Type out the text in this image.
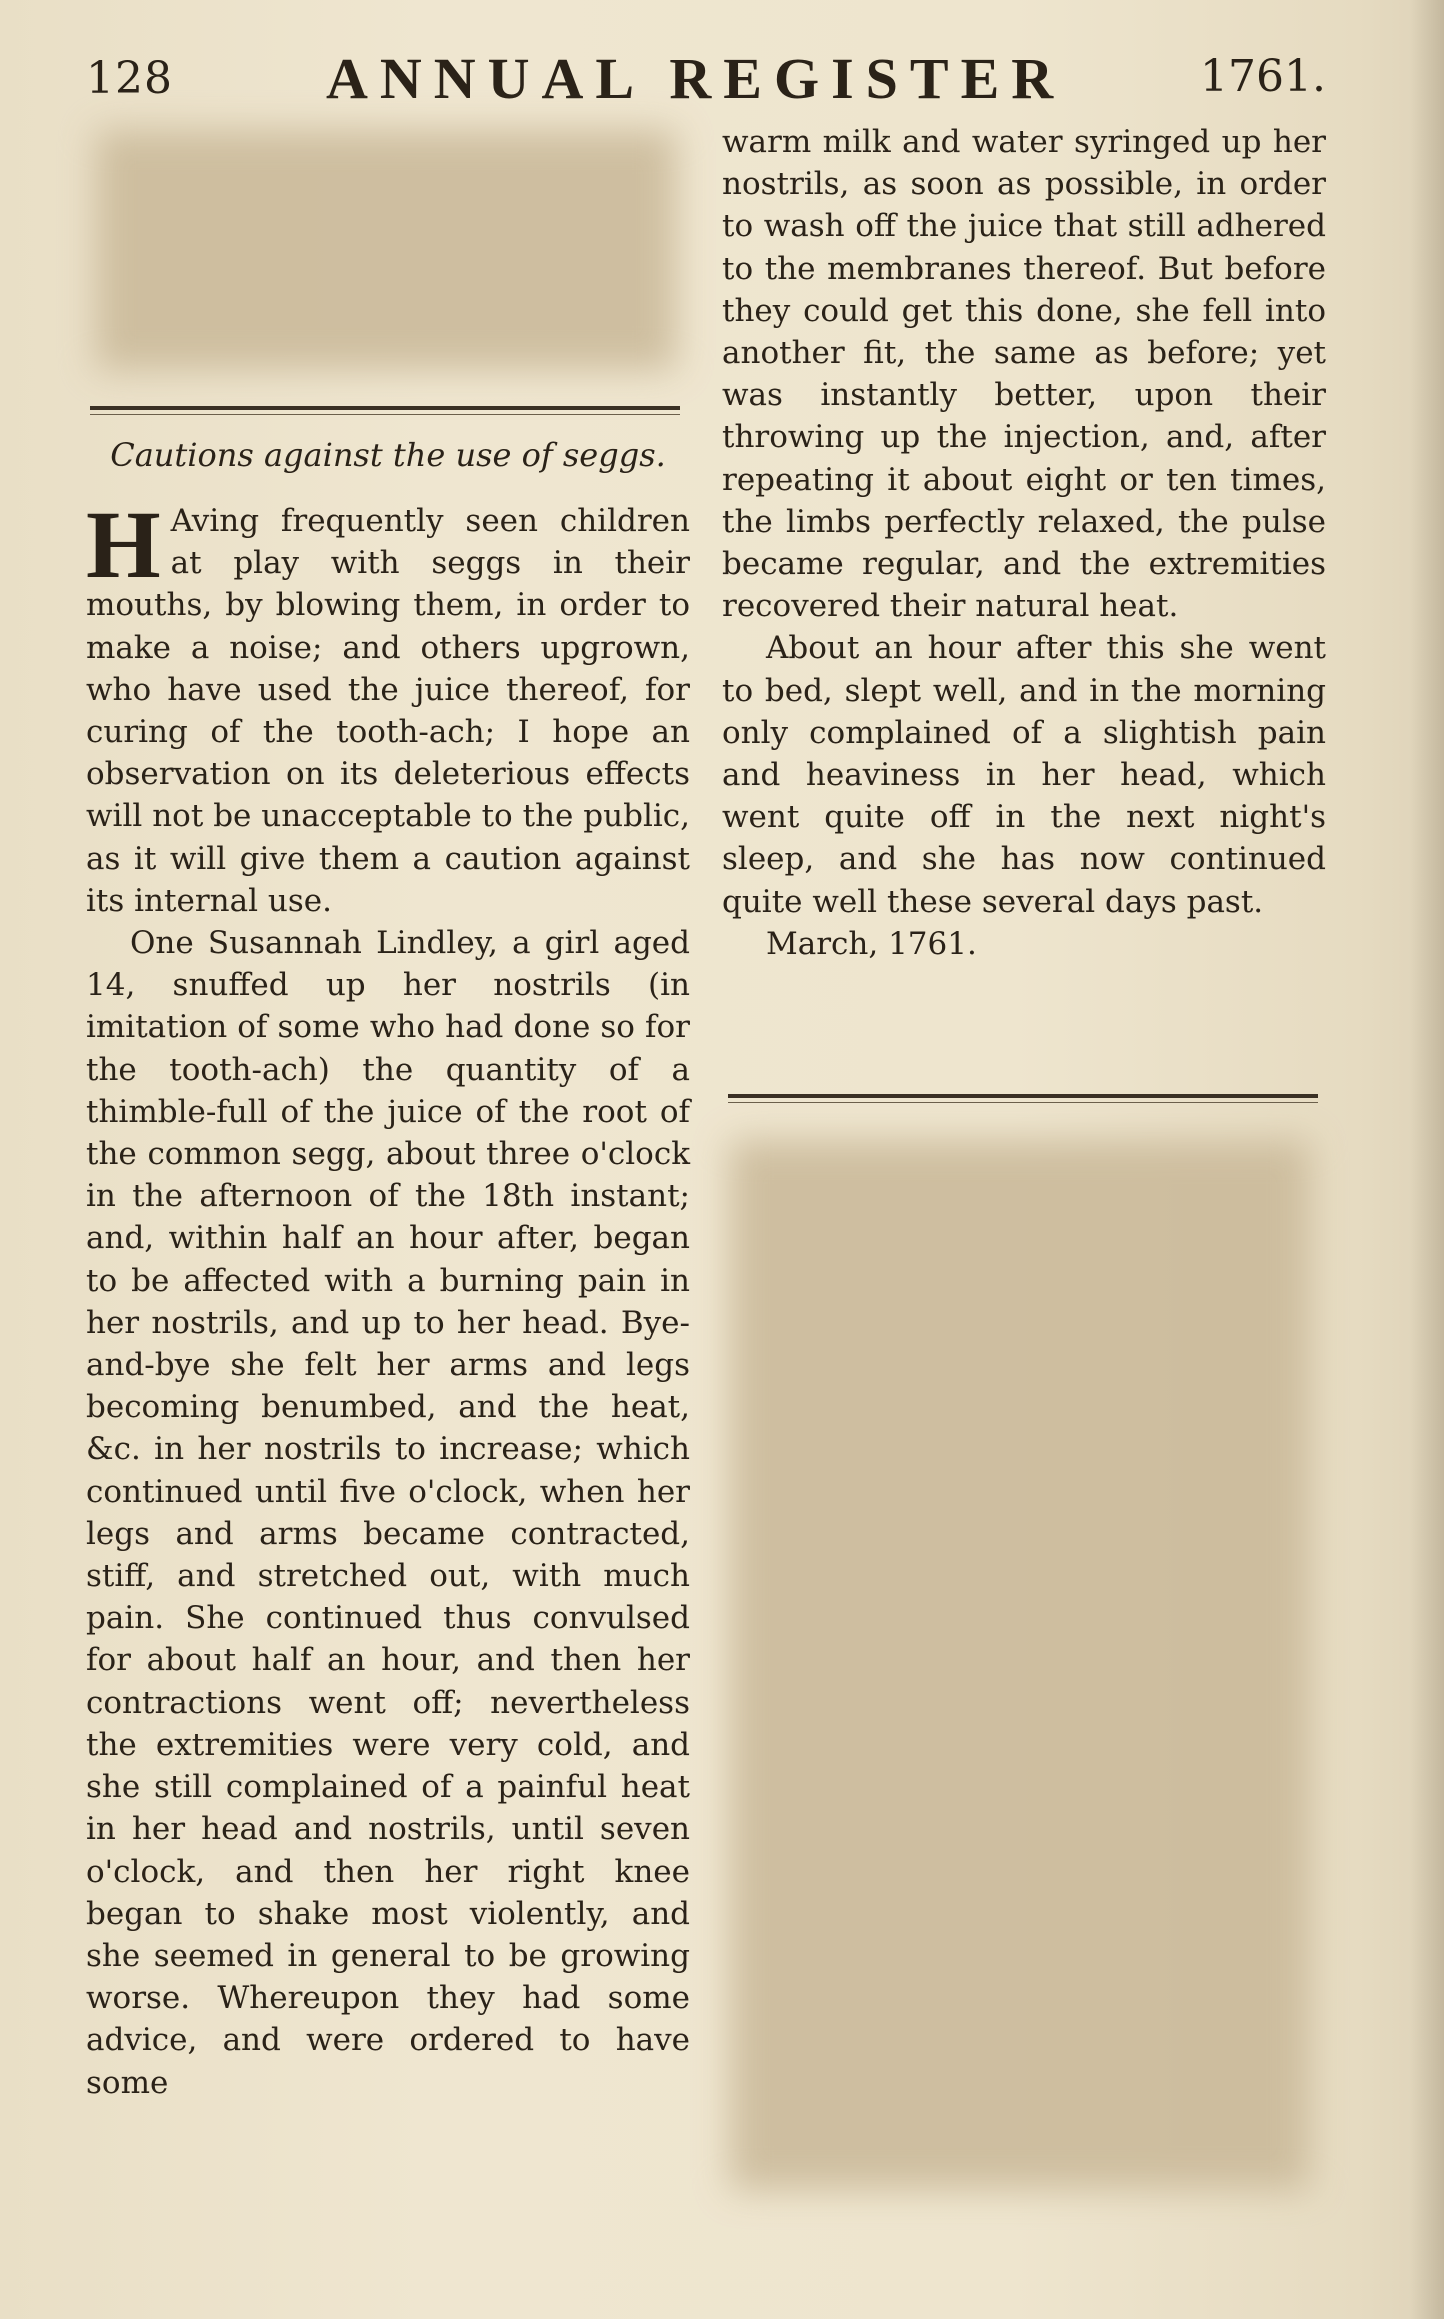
128	ANNUAL REGISTER	1761.
Cautions against the use of seggs.

H Aving frequently seen children at play with seggs in their mouths, by blowing them, in order to make a noise; and others upgrown, who have used the juice thereof, for curing of the tooth-ach; I hope an observation on its deleterious effects will not be unacceptable to the public, as it will give them a caution against its internal use.

One Susannah Lindley, a girl aged 14, snuffed up her nostrils (in imitation of some who had done so for the tooth-ach) the quantity of a thimble-full of the juice of the root of the common segg, about three o'clock in the afternoon of the 18th instant; and, within half an hour after, began to be affected with a burning pain in her nostrils, and up to her head. Bye-and-bye she felt her arms and legs becoming benumbed, and the heat, &c. in her nostrils to increase; which continued until five o'clock, when her legs and arms became contracted, stiff, and stretched out, with much pain. She continued thus convulsed for about half an hour, and then her contractions went off; nevertheless the extremities were very cold, and she still complained of a painful heat in her head and nostrils, until seven o'clock, and then her right knee began to shake most violently, and she seemed in general to be growing worse. Whereupon they had some advice, and were ordered to have some

warm milk and water syringed up her nostrils, as soon as possible, in order to wash off the juice that still adhered to the membranes thereof. But before they could get this done, she fell into another fit, the same as before; yet was instantly better, upon their throwing up the injection, and, after repeating it about eight or ten times, the limbs perfectly relaxed, the pulse became regular, and the extremities recovered their natural heat.

About an hour after this she went to bed, slept well, and in the morning only complained of a slightish pain and heaviness in her head, which went quite off in the next night's sleep, and she has now continued quite well these several days past.

March, 1761.
